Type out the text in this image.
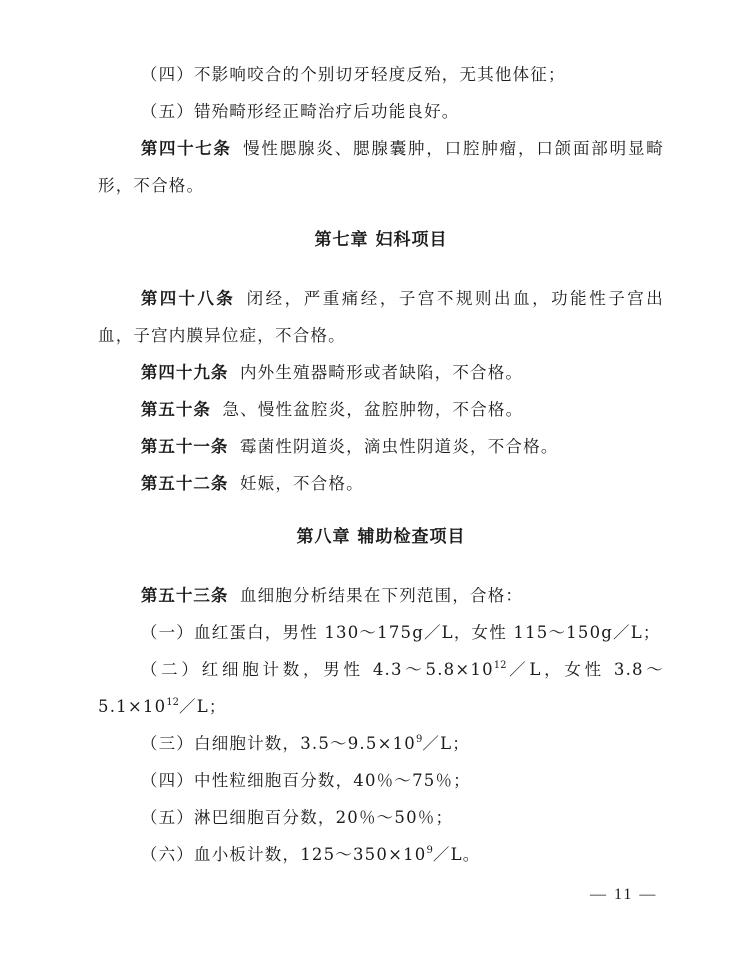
（四）不影响咬合的个别切牙轻度反殆，无其他体征；

（五）错殆畸形经正畸治疗后功能良好。

第四十七条 慢性腮腺炎、腮腺囊肿，口腔肿瘤，口颌面部明显畸形，不合格。

第七章 妇科项目

第四十八条 闭经，严重痛经，子宫不规则出血，功能性子宫出血，子宫内膜异位症，不合格。

第四十九条 内外生殖器畸形或者缺陷，不合格。

第五十条 急、慢性盆腔炎，盆腔肿物，不合格。

第五十一条 霉菌性阴道炎，滴虫性阴道炎，不合格。

第五十二条 妊娠，不合格。

第八章 辅助检查项目

第五十三条 血细胞分析结果在下列范围，合格：

（一）血红蛋白，男性 130～175g／L，女性 115～150g／L；

（二）红细胞计数，男性 $4.3\sim 5.8\times 10^{12}/L$，女性 $3.8\sim 5.1\times 10^{12}/L$；

（三）白细胞计数，$3.5\sim 9.5\times 10^9/L$；

（四）中性粒细胞百分数，40％～75％；

（五）淋巴细胞百分数，20％～50％；

（六）血小板计数，$125\sim 350\times 10^9/L$。

— 11 —
